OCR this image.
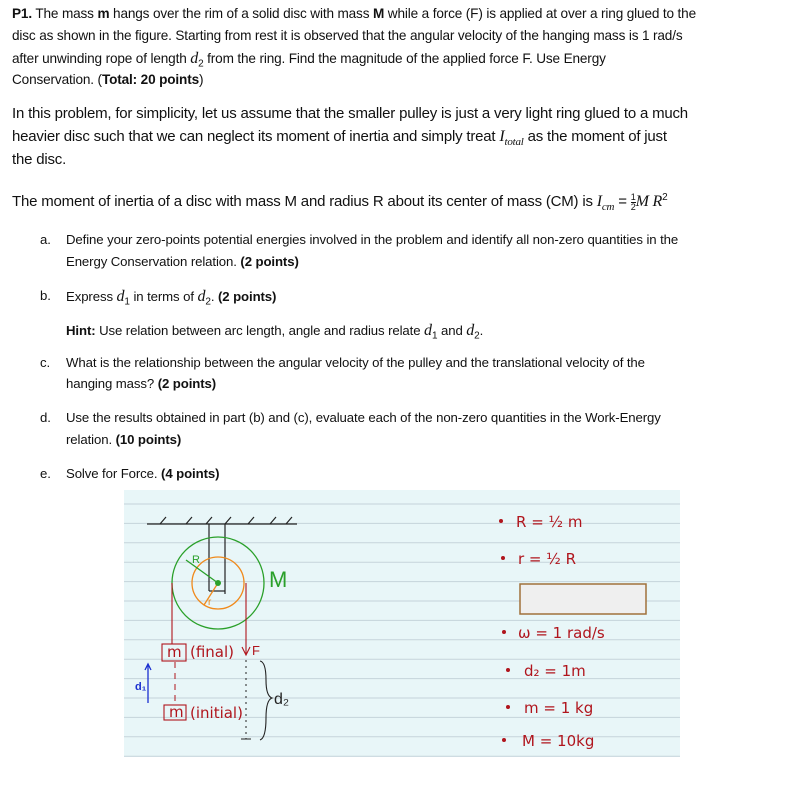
P1. The mass m hangs over the rim of a solid disc with mass M while a force (F) is applied at over a ring glued to the
disc as shown in the figure. Starting from rest it is observed that the angular velocity of the hanging mass is 1 rad/s
after unwinding rope of length $d_2$ from the ring. Find the magnitude of the applied force F. Use Energy
Conservation. (Total: 20 points)
In this problem, for simplicity, let us assume that the smaller pulley is just a very light ring glued to a much
heavier disc such that we can neglect its moment of inertia and simply treat $I_{total}$ as the moment of just
the disc.
The moment of inertia of a disc with mass M and radius R about its center of mass (CM) is $I_{cm} = \frac{1}{2}$ M $R^2$
a. Define your zero-points potential energies involved in the problem and identify all non-zero quantities in the
Energy Conservation relation. (2 points)
b. Express $d_1$ in terms of $d_2$. (2 points)
Hint: Use relation between arc length, angle and radius relate $d_1$ and $d_2$.
c. What is the relationship between the angular velocity of the pulley and the translational velocity of the
hanging mass? (2 points)
d. Use the results obtained in part (b) and (c), evaluate each of the non-zero quantities in the Work-Energy
relation. (10 points)
e. Solve for Force. (4 points)
R
r
M
F
d₂
m (final)
m (initial)
d₁
R = ½ m
r = ½ R
ω = 1 rad/s
d₂ = 1m
m = 1 kg
M = 10kg
